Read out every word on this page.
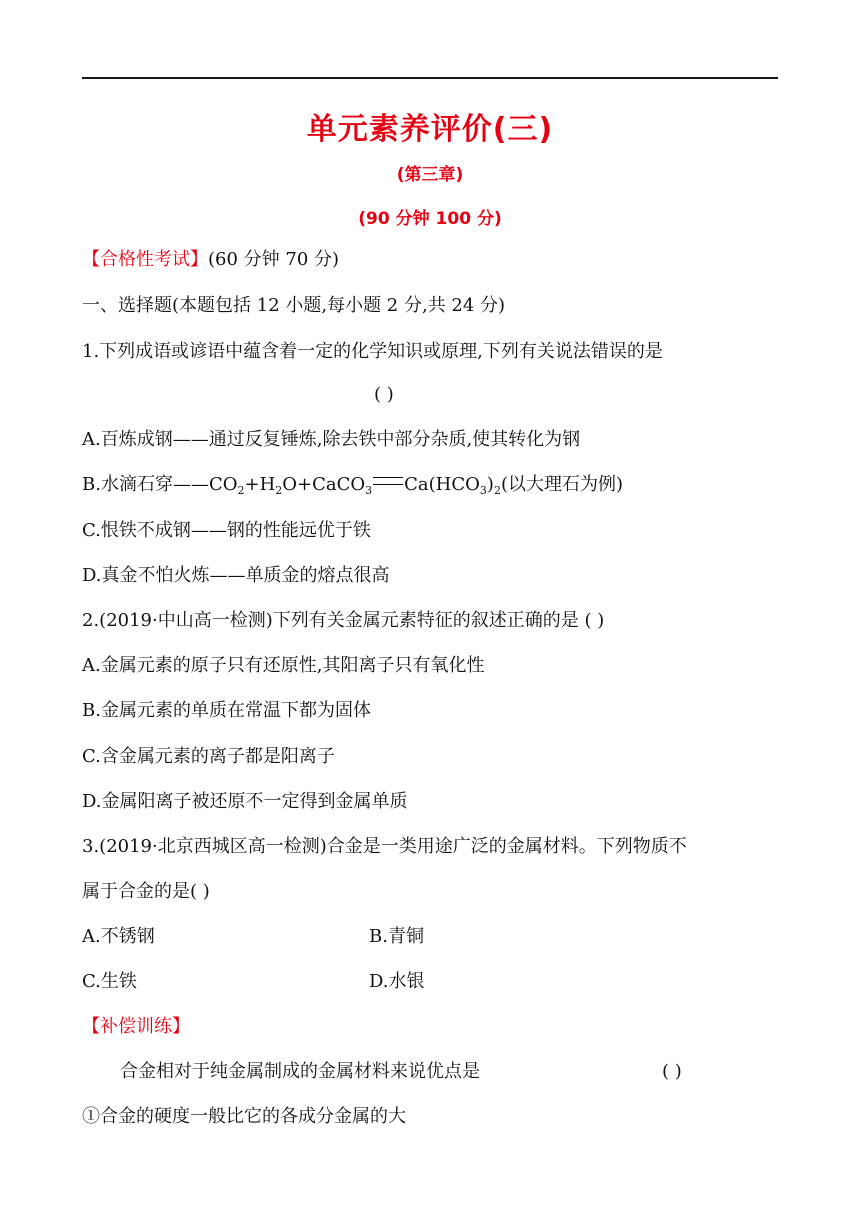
单元素养评价(三)
(第三章)
(90 分钟 100 分)
【合格性考试】(60 分钟 70 分)
一、选择题(本题包括 12 小题,每小题 2 分,共 24 分)
1.下列成语或谚语中蕴含着一定的化学知识或原理,下列有关说法错误的是
( )
A.百炼成钢——通过反复锤炼,除去铁中部分杂质,使其转化为钢
B.水滴石穿$——CO_2+H_2O+CaCO_3$ $Ca(HCO_3)_2$(以大理石为例)
C.恨铁不成钢——钢的性能远优于铁
D.真金不怕火炼——单质金的熔点很高
2.(2019·中山高一检测)下列有关金属元素特征的叙述正确的是 ( )
A.金属元素的原子只有还原性,其阳离子只有氧化性
B.金属元素的单质在常温下都为固体
C.含金属元素的离子都是阳离子
D.金属阳离子被还原不一定得到金属单质
3.(2019·北京西城区高一检测)合金是一类用途广泛的金属材料。下列物质不
属于合金的是( )
A.不锈钢	B.青铜
C.生铁	D.水银
【补偿训练】
合金相对于纯金属制成的金属材料来说优点是	( )
①合金的硬度一般比它的各成分金属的大
